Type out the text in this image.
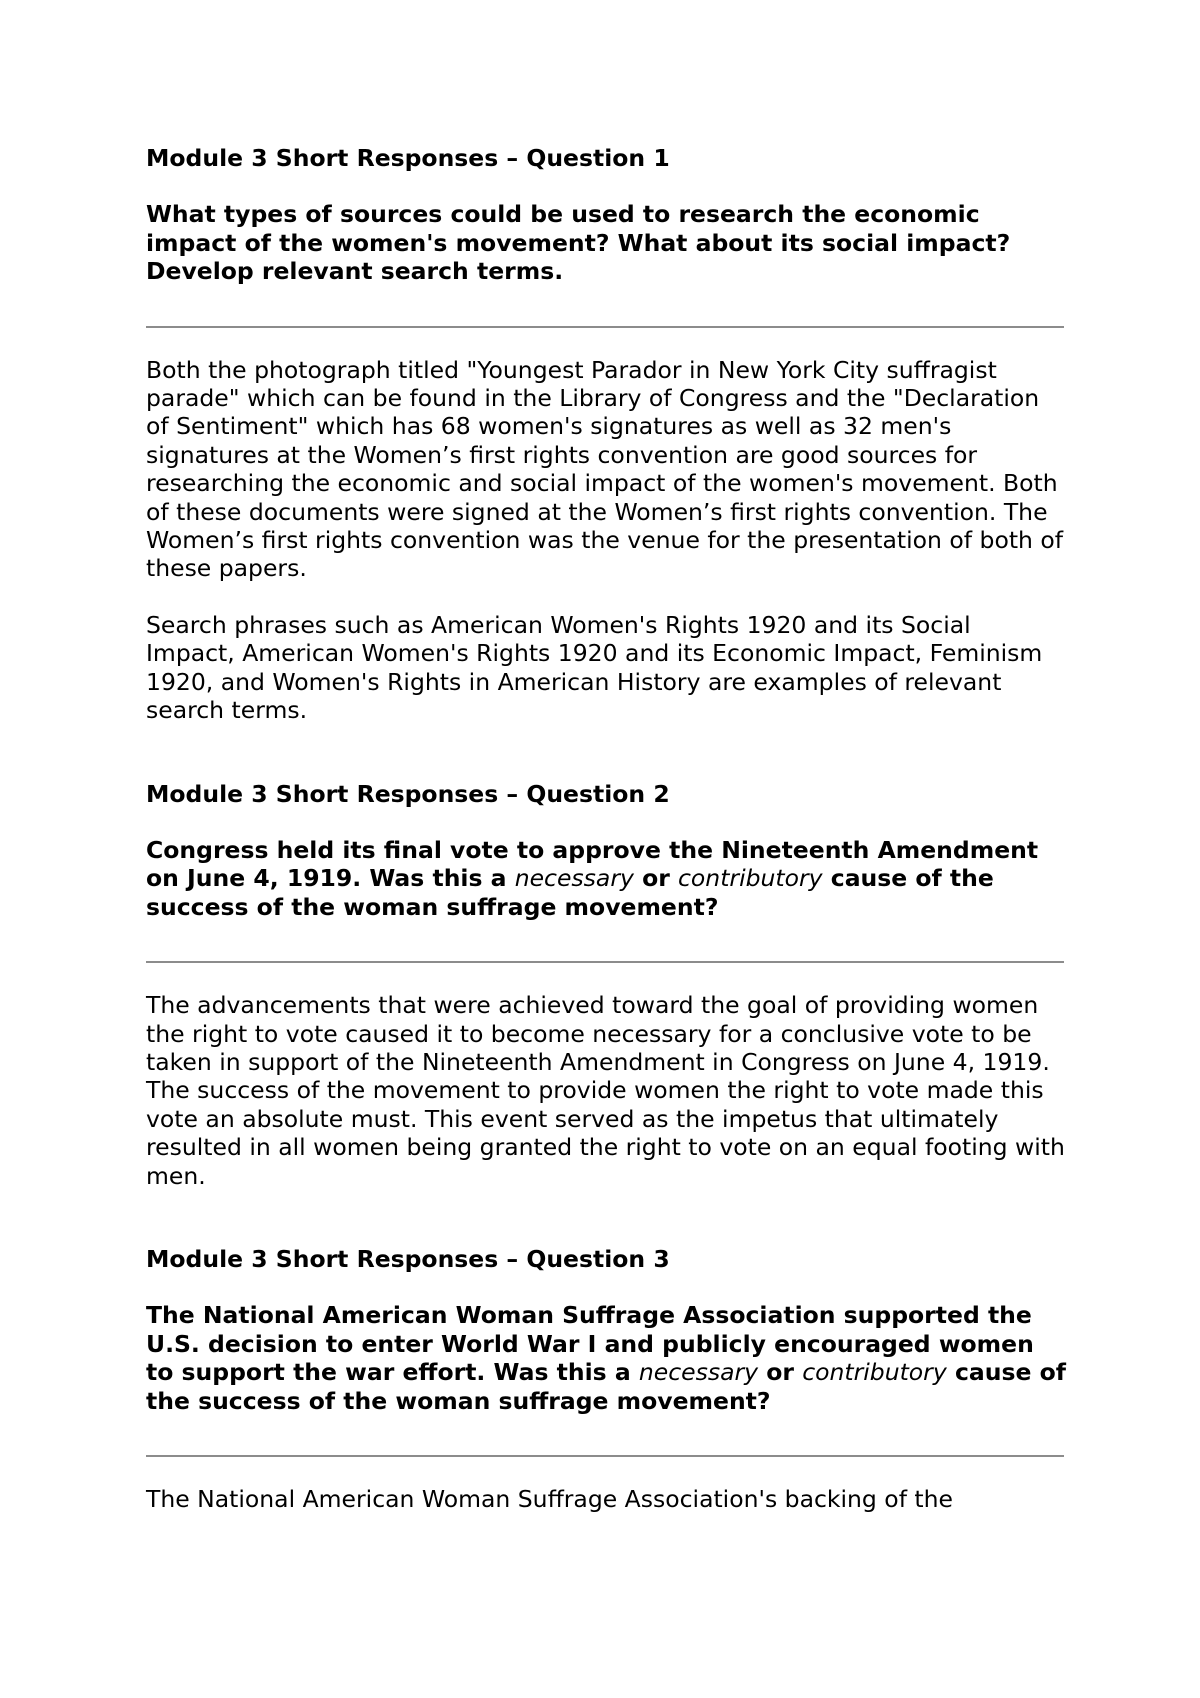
Module 3 Short Responses – Question 1

What types of sources could be used to research the economic impact of the women's movement? What about its social impact? Develop relevant search terms.

Both the photograph titled "Youngest Parador in New York City suffragist parade" which can be found in the Library of Congress and the "Declaration of Sentiment" which has 68 women's signatures as well as 32 men's signatures at the Women’s first rights convention are good sources for researching the economic and social impact of the women's movement. Both of these documents were signed at the Women’s first rights convention. The Women’s first rights convention was the venue for the presentation of both of these papers.

Search phrases such as American Women's Rights 1920 and its Social Impact, American Women's Rights 1920 and its Economic Impact, Feminism 1920, and Women's Rights in American History are examples of relevant search terms.

Module 3 Short Responses – Question 2

Congress held its final vote to approve the Nineteenth Amendment on June 4, 1919. Was this a necessary or contributory cause of the success of the woman suffrage movement?

The advancements that were achieved toward the goal of providing women the right to vote caused it to become necessary for a conclusive vote to be taken in support of the Nineteenth Amendment in Congress on June 4, 1919. The success of the movement to provide women the right to vote made this vote an absolute must. This event served as the impetus that ultimately resulted in all women being granted the right to vote on an equal footing with men.

Module 3 Short Responses – Question 3

The National American Woman Suffrage Association supported the U.S. decision to enter World War I and publicly encouraged women to support the war effort. Was this a necessary or contributory cause of the success of the woman suffrage movement?

The National American Woman Suffrage Association's backing of the
